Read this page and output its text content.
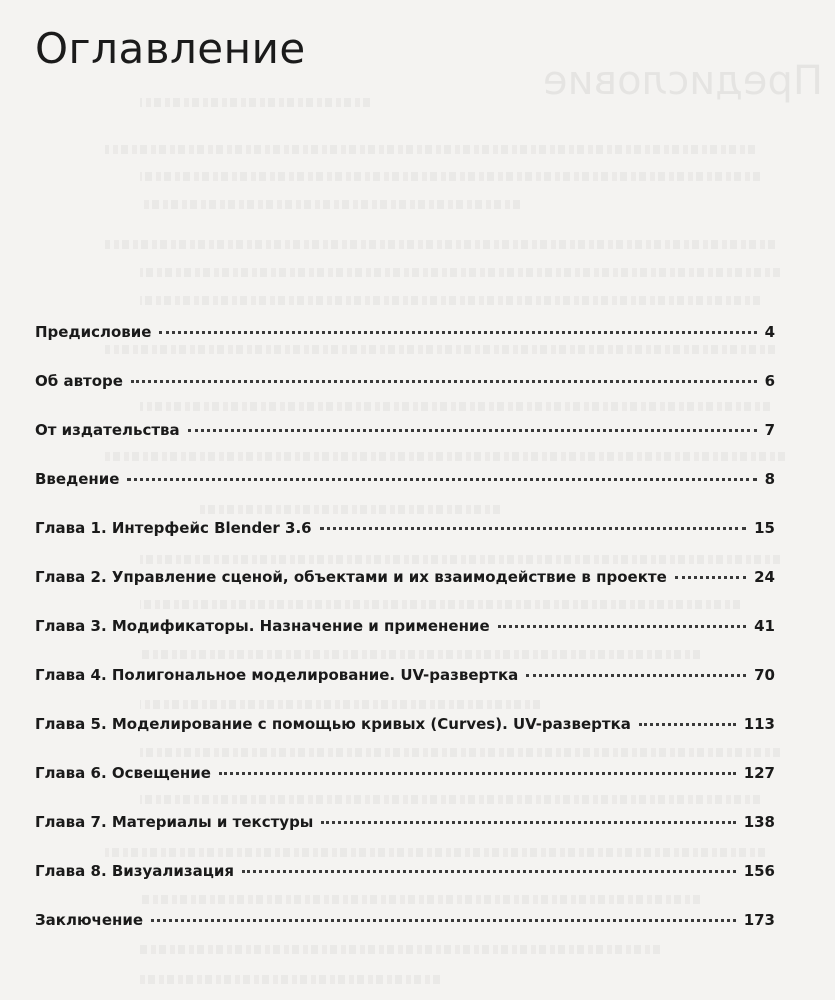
Предисловие
Оглавление
Предисловие	4
Об авторе	6
От издательства	7
Введение	8
Глава 1. Интерфейс Blender 3.6	15
Глава 2. Управление сценой, объектами и их взаимодействие в проекте	24
Глава 3. Модификаторы. Назначение и применение	41
Глава 4. Полигональное моделирование. UV-развертка	70
Глава 5. Моделирование с помощью кривых (Curves). UV-развертка	113
Глава 6. Освещение	127
Глава 7. Материалы и текстуры	138
Глава 8. Визуализация	156
Заключение	173
